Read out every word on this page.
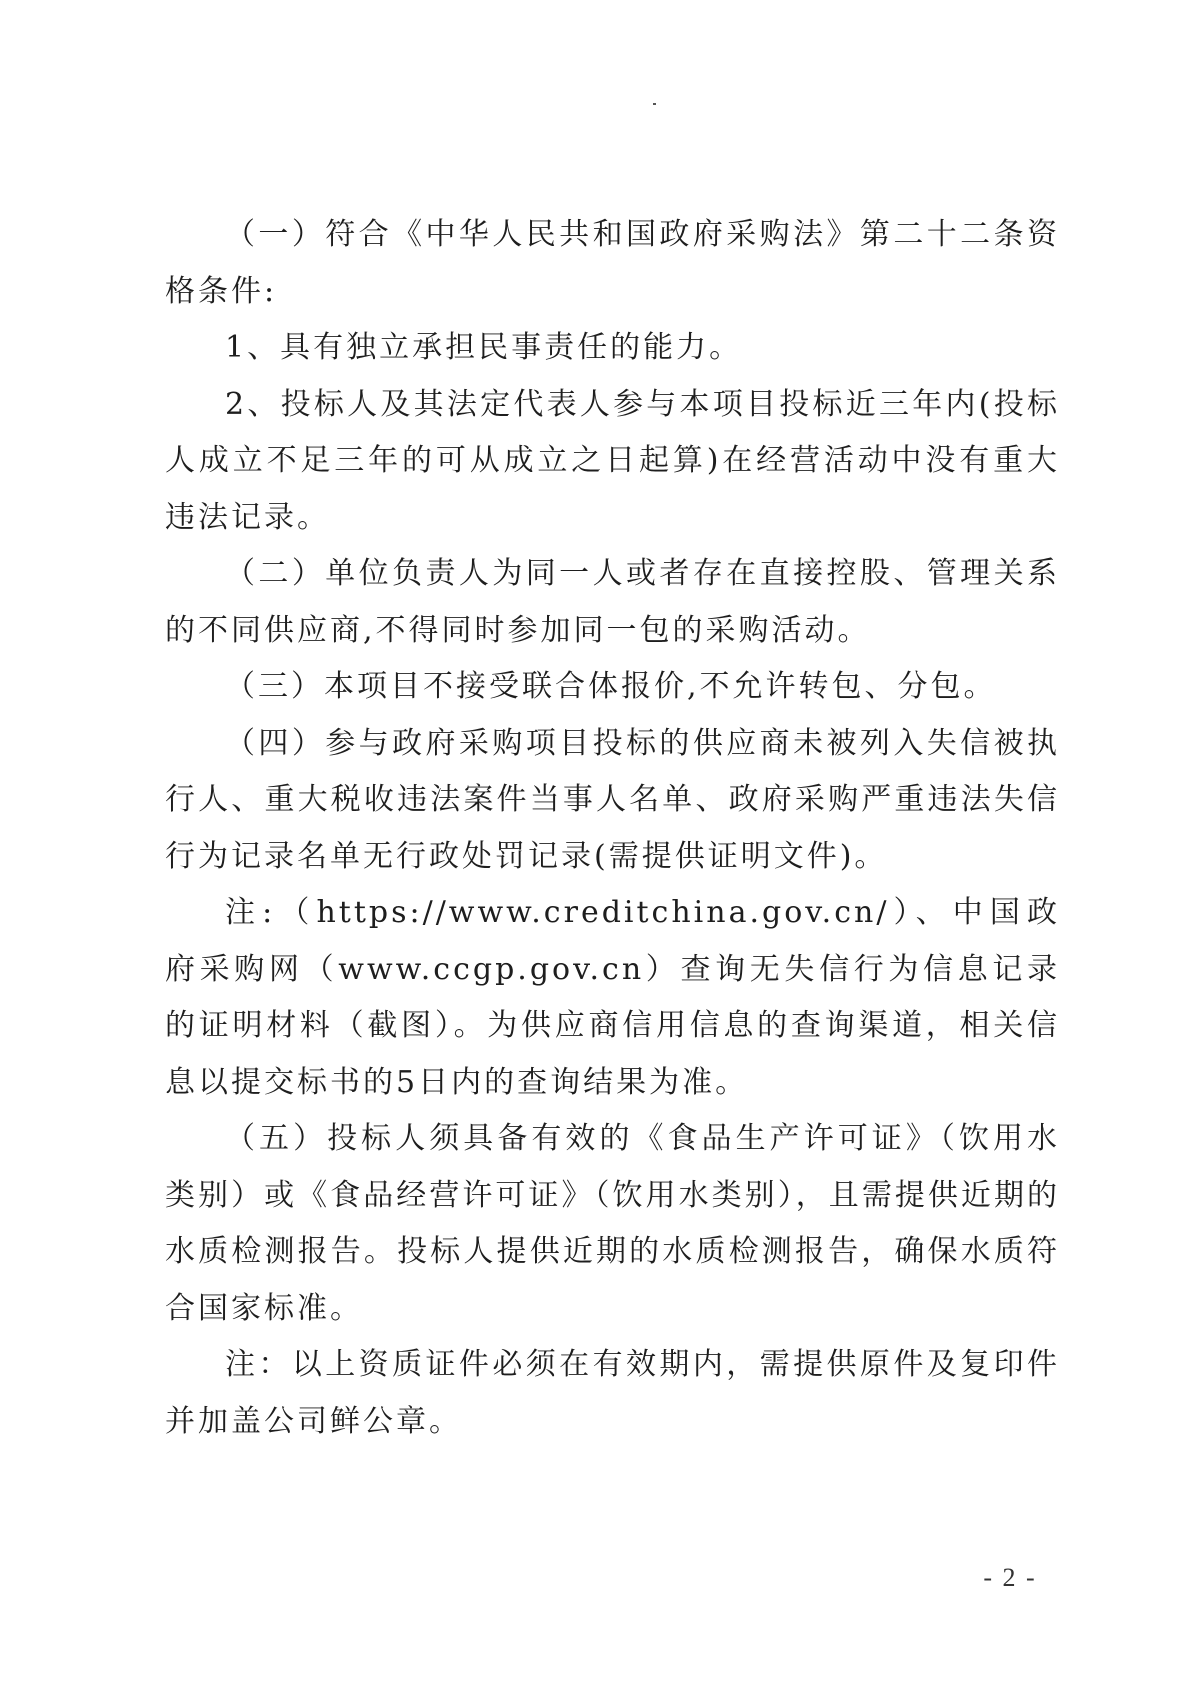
（一）符合《中华人民共和国政府采购法》第二十二条资格条件:

1、具有独立承担民事责任的能力。

2、投标人及其法定代表人参与本项目投标近三年内(投标人成立不足三年的可从成立之日起算)在经营活动中没有重大违法记录。

（二）单位负责人为同一人或者存在直接控股、管理关系的不同供应商,不得同时参加同一包的采购活动。

（三）本项目不接受联合体报价,不允许转包、分包。

（四）参与政府采购项目投标的供应商未被列入失信被执行人、重大税收违法案件当事人名单、政府采购严重违法失信行为记录名单无行政处罚记录(需提供证明文件)。

注:（https://www.creditchina.gov.cn/）、中国政府采购网（www.ccgp.gov.cn）查询无失信行为信息记录的证明材料（截图）。为供应商信用信息的查询渠道，相关信息以提交标书的5日内的查询结果为准。

（五）投标人须具备有效的《食品生产许可证》（饮用水类别）或《食品经营许可证》（饮用水类别），且需提供近期的水质检测报告。投标人提供近期的水质检测报告，确保水质符合国家标准。

注：以上资质证件必须在有效期内，需提供原件及复印件并加盖公司鲜公章。

- 2 -
